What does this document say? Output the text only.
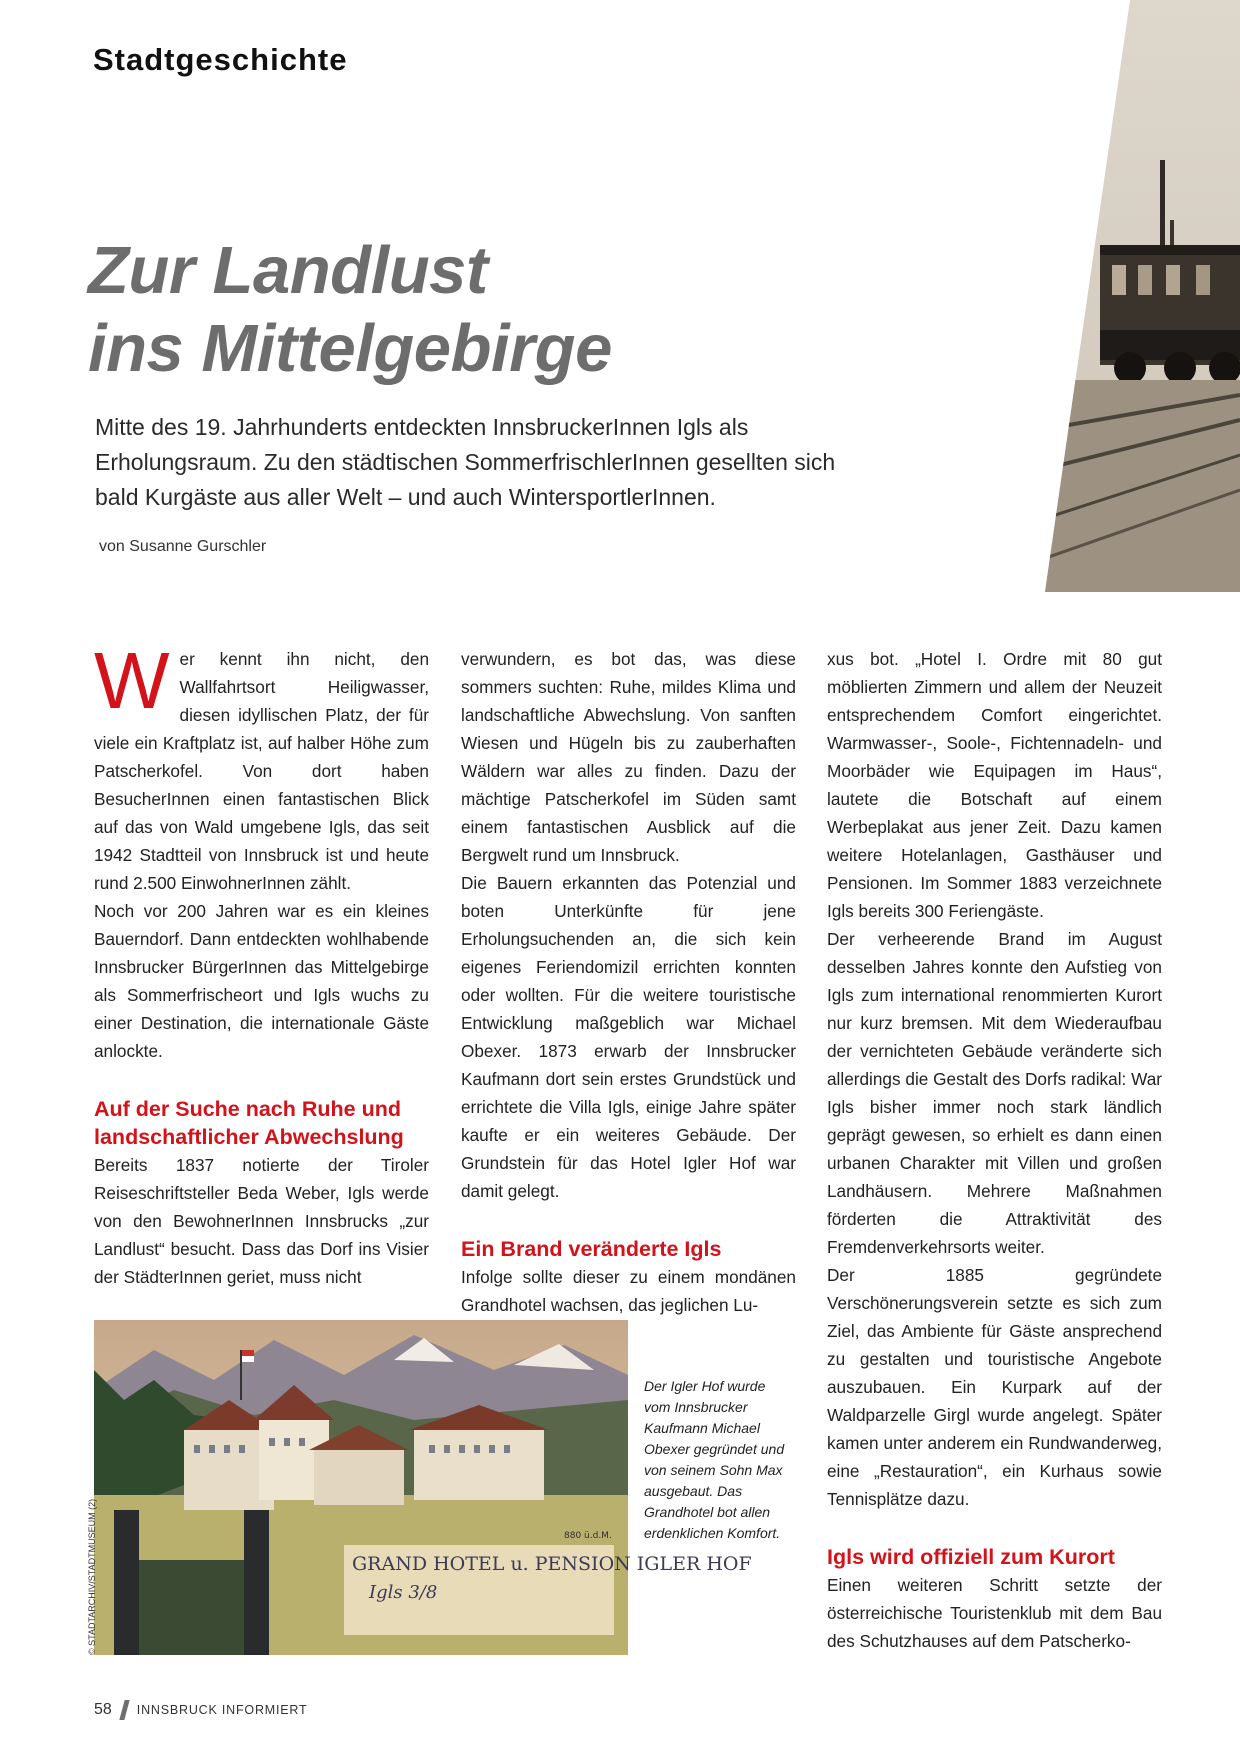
Stadtgeschichte
Zur Landlust
ins Mittelgebirge

Mitte des 19. Jahrhunderts entdeckten InnsbruckerInnen Igls als Erholungsraum. Zu den städtischen SommerfrischlerInnen gesellten sich bald Kurgäste aus aller Welt – und auch WintersportlerInnen.

von Susanne Gurschler

Wer kennt ihn nicht, den Wallfahrtsort Heiligwasser, diesen idyllischen Platz, der für viele ein Kraftplatz ist, auf halber Höhe zum Patscherkofel. Von dort haben BesucherInnen einen fantastischen Blick auf das von Wald umgebene Igls, das seit 1942 Stadtteil von Innsbruck ist und heute rund 2.500 EinwohnerInnen zählt.

Noch vor 200 Jahren war es ein kleines Bauerndorf. Dann entdeckten wohlhabende Innsbrucker BürgerInnen das Mittelgebirge als Sommerfrischeort und Igls wuchs zu einer Destination, die internationale Gäste anlockte.

Auf der Suche nach Ruhe und landschaftlicher Abwechslung

Bereits 1837 notierte der Tiroler Reiseschriftsteller Beda Weber, Igls werde von den BewohnerInnen Innsbrucks „zur Landlust“ besucht. Dass das Dorf ins Visier der StädterInnen geriet, muss nicht

verwundern, es bot das, was diese sommers suchten: Ruhe, mildes Klima und landschaftliche Abwechslung. Von sanften Wiesen und Hügeln bis zu zauberhaften Wäldern war alles zu finden. Dazu der mächtige Patscherkofel im Süden samt einem fantastischen Ausblick auf die Bergwelt rund um Innsbruck.

Die Bauern erkannten das Potenzial und boten Unterkünfte für jene Erholungsuchenden an, die sich kein eigenes Feriendomizil errichten konnten oder wollten. Für die weitere touristische Entwicklung maßgeblich war Michael Obexer. 1873 erwarb der Innsbrucker Kaufmann dort sein erstes Grundstück und errichtete die Villa Igls, einige Jahre später kaufte er ein weiteres Gebäude. Der Grundstein für das Hotel Igler Hof war damit gelegt.

Ein Brand veränderte Igls

Infolge sollte dieser zu einem mondänen Grandhotel wachsen, das jeglichen Lu-

xus bot. „Hotel I. Ordre mit 80 gut möblierten Zimmern und allem der Neuzeit entsprechendem Comfort eingerichtet. Warmwasser-, Soole-, Fichtennadeln- und Moorbäder wie Equipagen im Haus“, lautete die Botschaft auf einem Werbeplakat aus jener Zeit. Dazu kamen weitere Hotelanlagen, Gasthäuser und Pensionen. Im Sommer 1883 verzeichnete Igls bereits 300 Feriengäste.

Der verheerende Brand im August desselben Jahres konnte den Aufstieg von Igls zum international renommierten Kurort nur kurz bremsen. Mit dem Wiederaufbau der vernichteten Gebäude veränderte sich allerdings die Gestalt des Dorfs radikal: War Igls bisher immer noch stark ländlich geprägt gewesen, so erhielt es dann einen urbanen Charakter mit Villen und großen Landhäusern. Mehrere Maßnahmen förderten die Attraktivität des Fremdenverkehrsorts weiter.

Der 1885 gegründete Verschönerungsverein setzte es sich zum Ziel, das Ambiente für Gäste ansprechend zu gestalten und touristische Angebote auszubauen. Ein Kurpark auf der Waldparzelle Girgl wurde angelegt. Später kamen unter anderem ein Rundwanderweg, eine „Restauration“, ein Kurhaus sowie Tennisplätze dazu.

Igls wird offiziell zum Kurort

Einen weiteren Schritt setzte der österreichische Touristenklub mit dem Bau des Schutzhauses auf dem Patscherko-

GRAND HOTEL u. PENSION IGLER HOF
Igls 3/8
880 ü.d.M.

Der Igler Hof wurde vom Innsbrucker Kaufmann Michael Obexer gegründet und von seinem Sohn Max ausgebaut. Das Grandhotel bot allen erdenklichen Komfort.

© STADTARCHIV/STADTMUSEUM (2)

58 INNSBRUCK INFORMIERT
